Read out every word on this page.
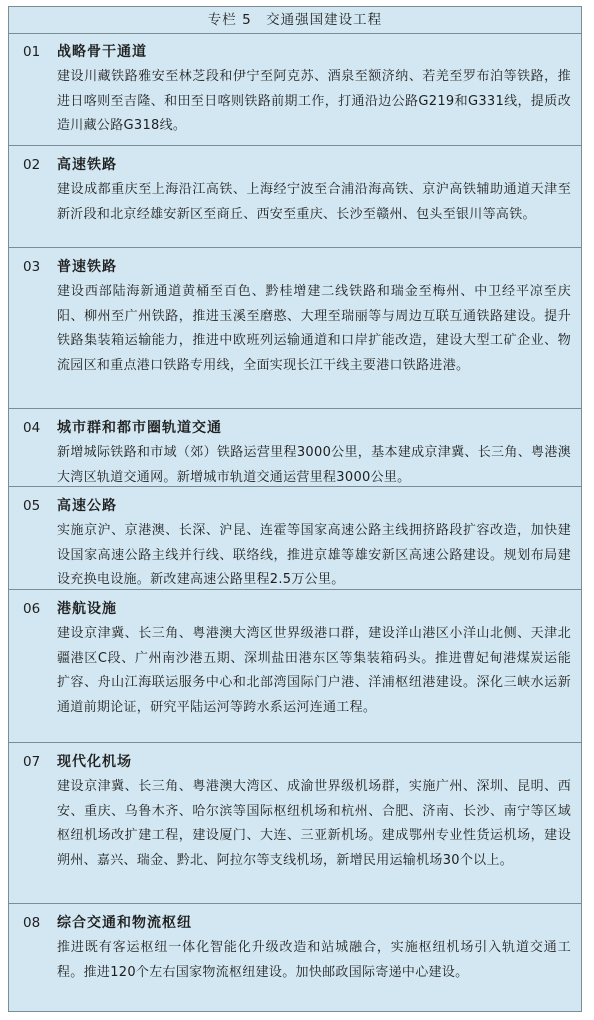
专栏 5　交通强国建设工程
01 战略骨干通道
建设川藏铁路雅安至林芝段和伊宁至阿克苏、酒泉至额济纳、若羌至罗布泊等铁路，推进日喀则至吉隆、和田至日喀则铁路前期工作，打通沿边公路G219和G331线，提质改造川藏公路G318线。
02 高速铁路
建设成都重庆至上海沿江高铁、上海经宁波至合浦沿海高铁、京沪高铁辅助通道天津至新沂段和北京经雄安新区至商丘、西安至重庆、长沙至赣州、包头至银川等高铁。
03 普速铁路
建设西部陆海新通道黄桶至百色、黔桂增建二线铁路和瑞金至梅州、中卫经平凉至庆阳、柳州至广州铁路，推进玉溪至磨憨、大理至瑞丽等与周边互联互通铁路建设。提升铁路集装箱运输能力，推进中欧班列运输通道和口岸扩能改造，建设大型工矿企业、物流园区和重点港口铁路专用线，全面实现长江干线主要港口铁路进港。
04 城市群和都市圈轨道交通
新增城际铁路和市域（郊）铁路运营里程3000公里，基本建成京津冀、长三角、粤港澳大湾区轨道交通网。新增城市轨道交通运营里程3000公里。
05 高速公路
实施京沪、京港澳、长深、沪昆、连霍等国家高速公路主线拥挤路段扩容改造，加快建设国家高速公路主线并行线、联络线，推进京雄等雄安新区高速公路建设。规划布局建设充换电设施。新改建高速公路里程2.5万公里。
06 港航设施
建设京津冀、长三角、粤港澳大湾区世界级港口群，建设洋山港区小洋山北侧、天津北疆港区C段、广州南沙港五期、深圳盐田港东区等集装箱码头。推进曹妃甸港煤炭运能扩容、舟山江海联运服务中心和北部湾国际门户港、洋浦枢纽港建设。深化三峡水运新通道前期论证，研究平陆运河等跨水系运河连通工程。
07 现代化机场
建设京津冀、长三角、粤港澳大湾区、成渝世界级机场群，实施广州、深圳、昆明、西安、重庆、乌鲁木齐、哈尔滨等国际枢纽机场和杭州、合肥、济南、长沙、南宁等区域枢纽机场改扩建工程，建设厦门、大连、三亚新机场。建成鄂州专业性货运机场，建设朔州、嘉兴、瑞金、黔北、阿拉尔等支线机场，新增民用运输机场30个以上。
08 综合交通和物流枢纽
推进既有客运枢纽一体化智能化升级改造和站城融合，实施枢纽机场引入轨道交通工程。推进120个左右国家物流枢纽建设。加快邮政国际寄递中心建设。
